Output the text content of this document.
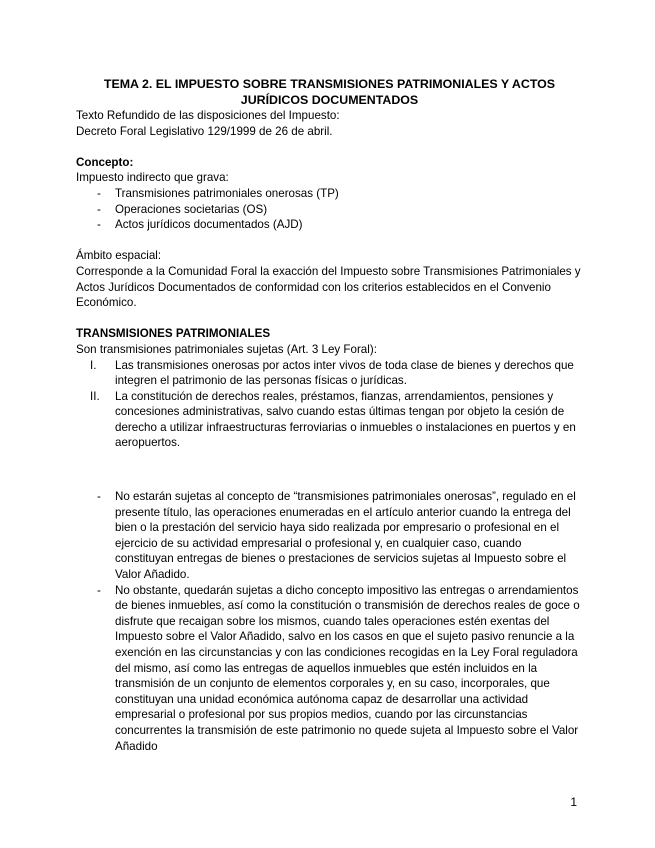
TEMA 2. EL IMPUESTO SOBRE TRANSMISIONES PATRIMONIALES Y ACTOS JURÍDICOS DOCUMENTADOS

Texto Refundido de las disposiciones del Impuesto:

Decreto Foral Legislativo 129/1999 de 26 de abril.

Concepto:

Impuesto indirecto que grava:

- Transmisiones patrimoniales onerosas (TP)
- Operaciones societarias (OS)
- Actos jurídicos documentados (AJD)

Ámbito espacial:

Corresponde a la Comunidad Foral la exacción del Impuesto sobre Transmisiones Patrimoniales y Actos Jurídicos Documentados de conformidad con los criterios establecidos en el Convenio Económico.

TRANSMISIONES PATRIMONIALES

Son transmisiones patrimoniales sujetas (Art. 3 Ley Foral):

I.	Las transmisiones onerosas por actos inter vivos de toda clase de bienes y derechos que integren el patrimonio de las personas físicas o jurídicas.
II.	La constitución de derechos reales, préstamos, fianzas, arrendamientos, pensiones y concesiones administrativas, salvo cuando estas últimas tengan por objeto la cesión de derecho a utilizar infraestructuras ferroviarias o inmuebles o instalaciones en puertos y en aeropuertos.
- No estarán sujetas al concepto de “transmisiones patrimoniales onerosas”, regulado en el presente título, las operaciones enumeradas en el artículo anterior cuando la entrega del bien o la prestación del servicio haya sido realizada por empresario o profesional en el ejercicio de su actividad empresarial o profesional y, en cualquier caso, cuando constituyan entregas de bienes o prestaciones de servicios sujetas al Impuesto sobre el Valor Añadido.
- No obstante, quedarán sujetas a dicho concepto impositivo las entregas o arrendamientos de bienes inmuebles, así como la constitución o transmisión de derechos reales de goce o disfrute que recaigan sobre los mismos, cuando tales operaciones estén exentas del Impuesto sobre el Valor Añadido, salvo en los casos en que el sujeto pasivo renuncie a la exención en las circunstancias y con las condiciones recogidas en la Ley Foral reguladora del mismo, así como las entregas de aquellos inmuebles que estén incluidos en la transmisión de un conjunto de elementos corporales y, en su caso, incorporales, que constituyan una unidad económica autónoma capaz de desarrollar una actividad empresarial o profesional por sus propios medios, cuando por las circunstancias concurrentes la transmisión de este patrimonio no quede sujeta al Impuesto sobre el Valor Añadido
1
